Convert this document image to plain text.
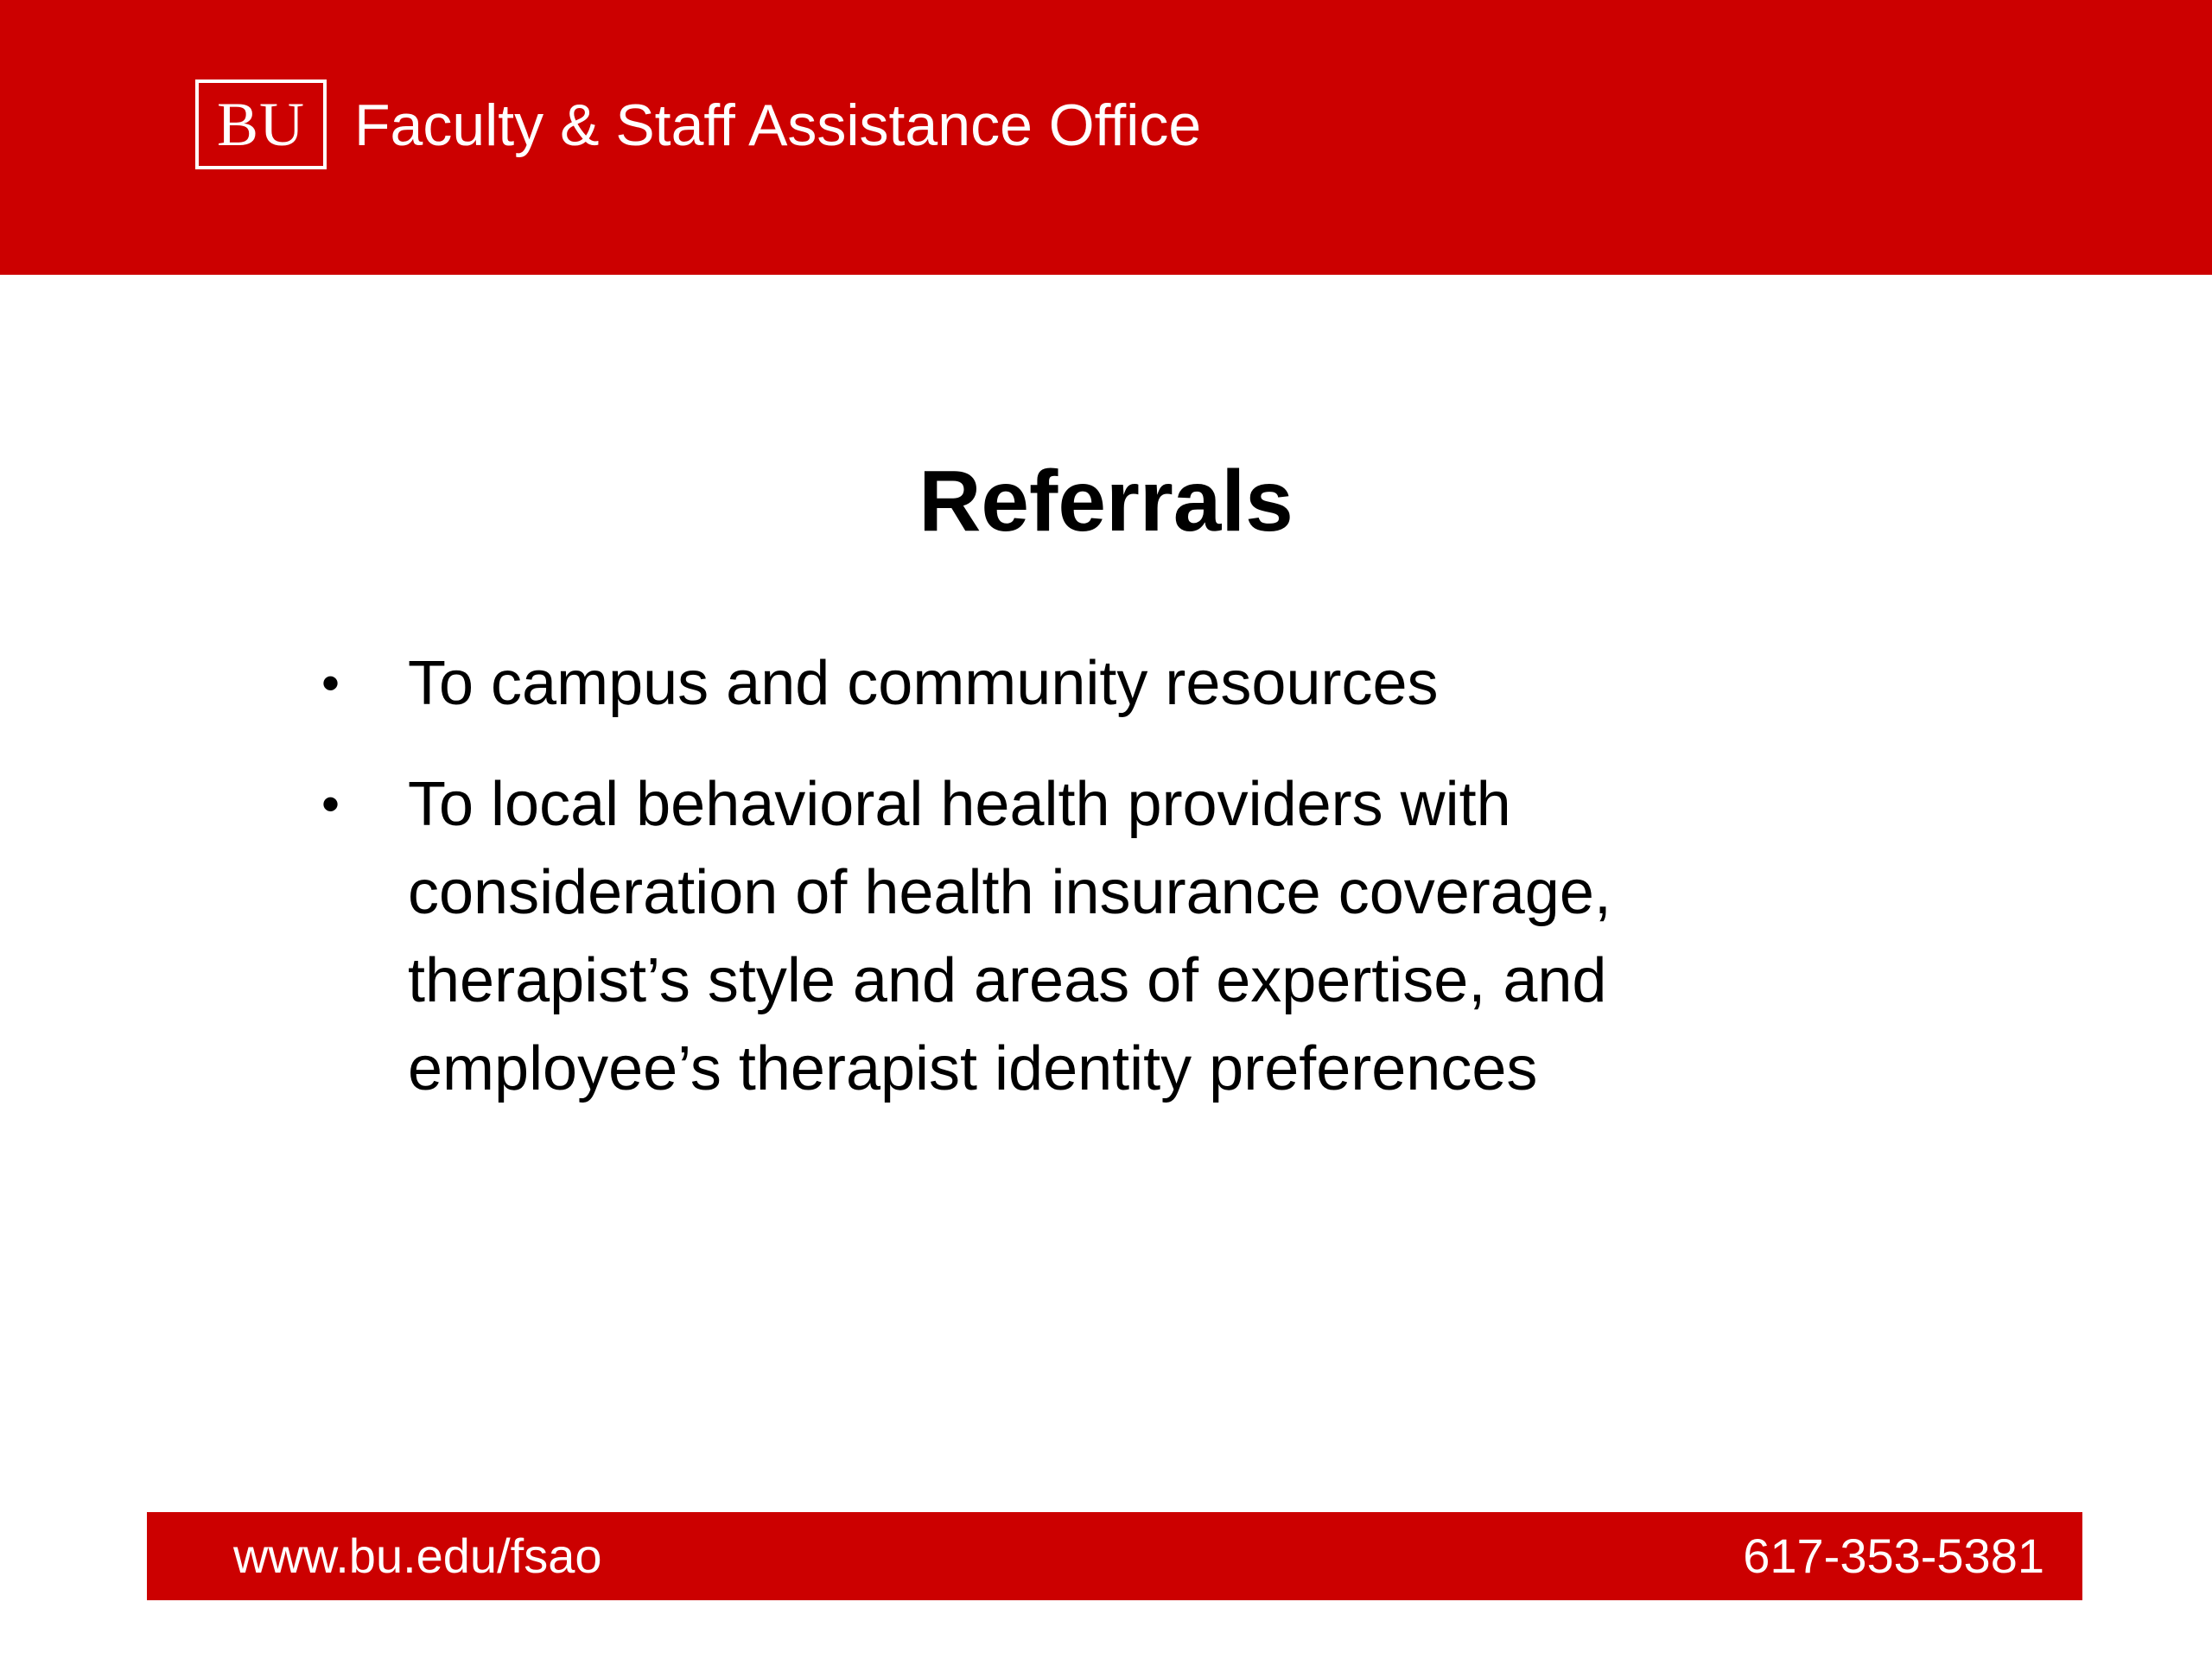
BU Faculty & Staff Assistance Office
Referrals
• To campus and community resources
• To local behavioral health providers with consideration of health insurance coverage, therapist’s style and areas of expertise, and employee’s therapist identity preferences
www.bu.edu/fsao	617-353-5381
